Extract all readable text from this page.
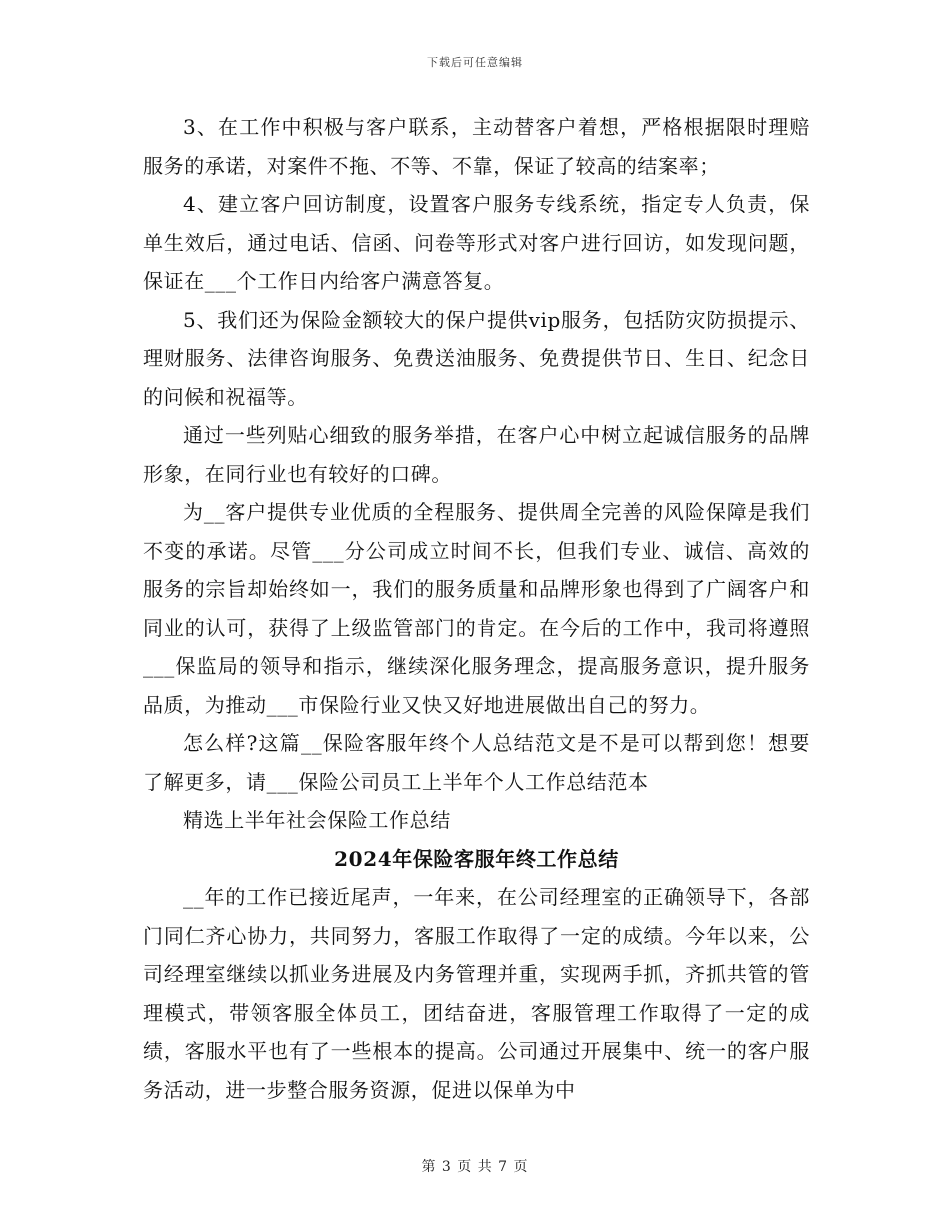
下载后可任意编辑

3、在工作中积极与客户联系，主动替客户着想，严格根据限时理赔服务的承诺，对案件不拖、不等、不靠，保证了较高的结案率；

4、建立客户回访制度，设置客户服务专线系统，指定专人负责，保单生效后，通过电话、信函、问卷等形式对客户进行回访，如发现问题，保证在___个工作日内给客户满意答复。

5、我们还为保险金额较大的保户提供vip服务，包括防灾防损提示、理财服务、法律咨询服务、免费送油服务、免费提供节日、生日、纪念日的问候和祝福等。

通过一些列贴心细致的服务举措，在客户心中树立起诚信服务的品牌形象，在同行业也有较好的口碑。

为__客户提供专业优质的全程服务、提供周全完善的风险保障是我们不变的承诺。尽管___分公司成立时间不长，但我们专业、诚信、高效的服务的宗旨却始终如一，我们的服务质量和品牌形象也得到了广阔客户和同业的认可，获得了上级监管部门的肯定。在今后的工作中，我司将遵照___保监局的领导和指示，继续深化服务理念，提高服务意识，提升服务品质，为推动___市保险行业又快又好地进展做出自己的努力。

怎么样?这篇__保险客服年终个人总结范文是不是可以帮到您！想要了解更多，请___保险公司员工上半年个人工作总结范本

精选上半年社会保险工作总结

2024年保险客服年终工作总结

__年的工作已接近尾声，一年来，在公司经理室的正确领导下，各部门同仁齐心协力，共同努力，客服工作取得了一定的成绩。今年以来，公司经理室继续以抓业务进展及内务管理并重，实现两手抓，齐抓共管的管理模式，带领客服全体员工，团结奋进，客服管理工作取得了一定的成绩，客服水平也有了一些根本的提高。公司通过开展集中、统一的客户服务活动，进一步整合服务资源，促进以保单为中

第 3 页 共 7 页
